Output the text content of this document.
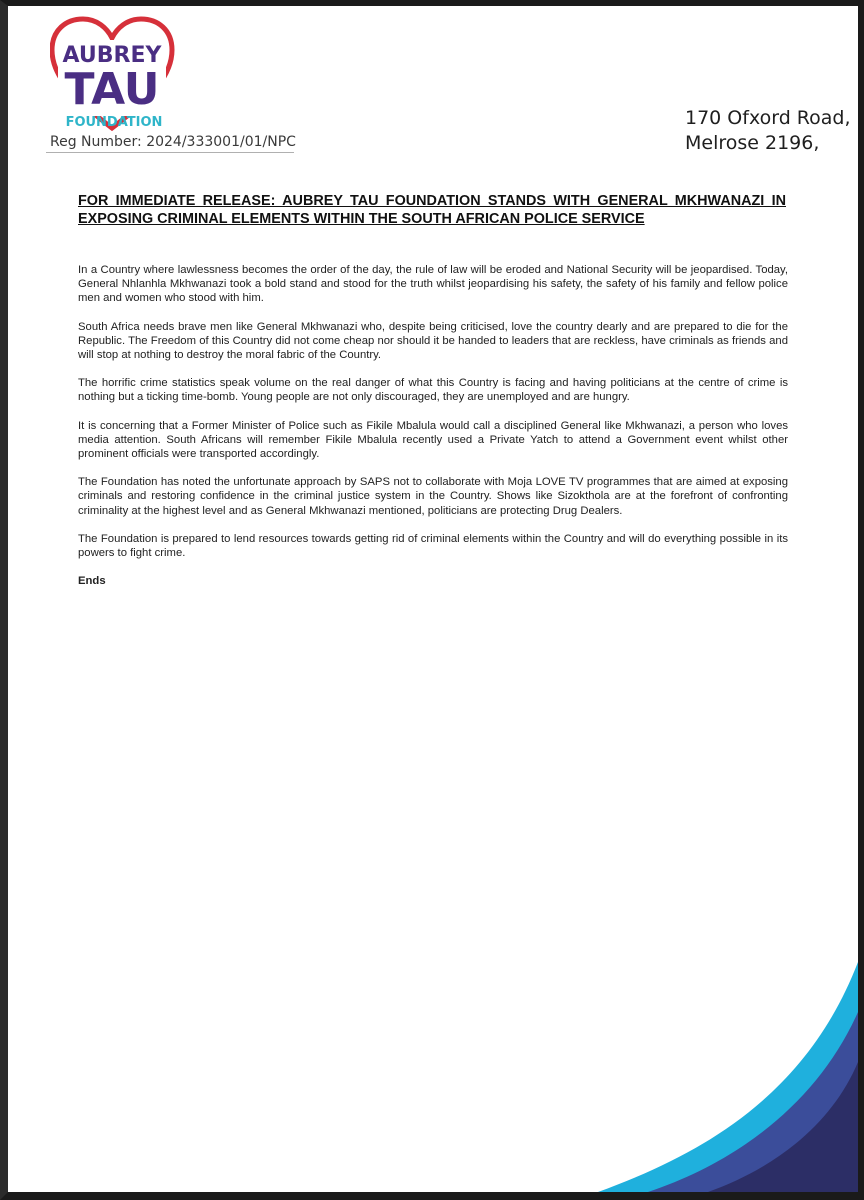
AUBREY
TAU
FOUNDATION
Reg Number: 2024/333001/01/NPC
170 Ofxord Road,
Melrose 2196,
FOR IMMEDIATE RELEASE: AUBREY TAU FOUNDATION STANDS WITH GENERAL MKHWANAZI IN EXPOSING CRIMINAL ELEMENTS WITHIN THE SOUTH AFRICAN POLICE SERVICE

In a Country where lawlessness becomes the order of the day, the rule of law will be eroded and National Security will be jeopardised. Today, General Nhlanhla Mkhwanazi took a bold stand and stood for the truth whilst jeopardising his safety, the safety of his family and fellow police men and women who stood with him.

South Africa needs brave men like General Mkhwanazi who, despite being criticised, love the country dearly and are prepared to die for the Republic. The Freedom of this Country did not come cheap nor should it be handed to leaders that are reckless, have criminals as friends and will stop at nothing to destroy the moral fabric of the Country.

The horrific crime statistics speak volume on the real danger of what this Country is facing and having politicians at the centre of crime is nothing but a ticking time-bomb. Young people are not only discouraged, they are unemployed and are hungry.

It is concerning that a Former Minister of Police such as Fikile Mbalula would call a disciplined General like Mkhwanazi, a person who loves media attention. South Africans will remember Fikile Mbalula recently used a Private Yatch to attend a Government event whilst other prominent officials were transported accordingly.

The Foundation has noted the unfortunate approach by SAPS not to collaborate with Moja LOVE TV programmes that are aimed at exposing criminals and restoring confidence in the criminal justice system in the Country. Shows like Sizokthola are at the forefront of confronting criminality at the highest level and as General Mkhwanazi mentioned, politicians are protecting Drug Dealers.

The Foundation is prepared to lend resources towards getting rid of criminal elements within the Country and will do everything possible in its powers to fight crime.

Ends
